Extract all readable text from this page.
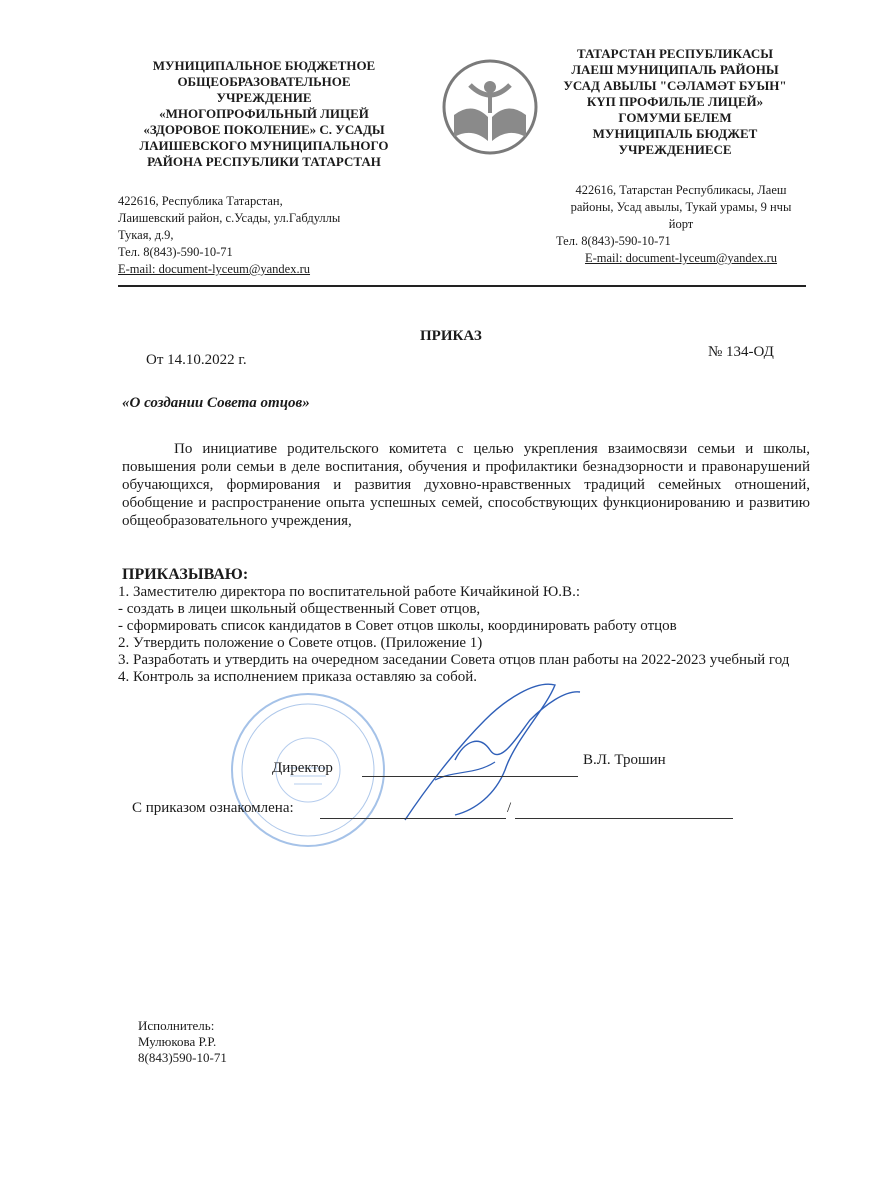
МУНИЦИПАЛЬНОЕ БЮДЖЕТНОЕ
ОБЩЕОБРАЗОВАТЕЛЬНОЕ
УЧРЕЖДЕНИЕ
«МНОГОПРОФИЛЬНЫЙ ЛИЦЕЙ
«ЗДОРОВОЕ ПОКОЛЕНИЕ» С. УСАДЫ
ЛАИШЕВСКОГО МУНИЦИПАЛЬНОГО
РАЙОНА РЕСПУБЛИКИ ТАТАРСТАН
422616, Республика Татарстан,
Лаишевский район, с.Усады, ул.Габдуллы
Тукая, д.9,
Тел. 8(843)-590-10-71
E-mail: document-lyceum@yandex.ru
ТАТАРСТАН РЕСПУБЛИКАСЫ
ЛАЕШ МУНИЦИПАЛЬ РАЙОНЫ
УСАД АВЫЛЫ "СӘЛАМӘТ БУЫН"
КҮП ПРОФИЛЬЛЕ ЛИЦЕЙ»
ГОМУМИ БЕЛЕМ
МУНИЦИПАЛЬ БЮДЖЕТ
УЧРЕЖДЕНИЕСЕ
422616, Татарстан Республикасы, Лаеш
районы, Усад авылы, Тукай урамы, 9 нчы
йорт
Тел. 8(843)-590-10-71
E-mail: document-lyceum@yandex.ru
ПРИКАЗ
От 14.10.2022 г.	№ 134-ОД
«О создании Совета отцов»
По инициативе родительского комитета с целью укрепления взаимосвязи семьи и школы, повышения роли семьи в деле воспитания, обучения и профилактики безнадзорности и правонарушений обучающихся, формирования и развития духовно-нравственных традиций семейных отношений, обобщение и распространение опыта успешных семей, способствующих функционированию и развитию общеобразовательного учреждения,
ПРИКАЗЫВАЮ:
1. Заместителю директора по воспитательной работе Кичайкиной Ю.В.:
- создать в лицеи школьный общественный Совет отцов,
- сформировать список кандидатов в Совет отцов школы, координировать работу отцов
2. Утвердить положение о Совете отцов. (Приложение 1)
3. Разработать и утвердить на очередном заседании Совета отцов план работы на 2022-2023 учебный год
4. Контроль за исполнением приказа оставляю за собой.
Директор	В.Л. Трошин
С приказом ознакомлена:	/
Исполнитель:
Мулюкова Р.Р.
8(843)590-10-71
